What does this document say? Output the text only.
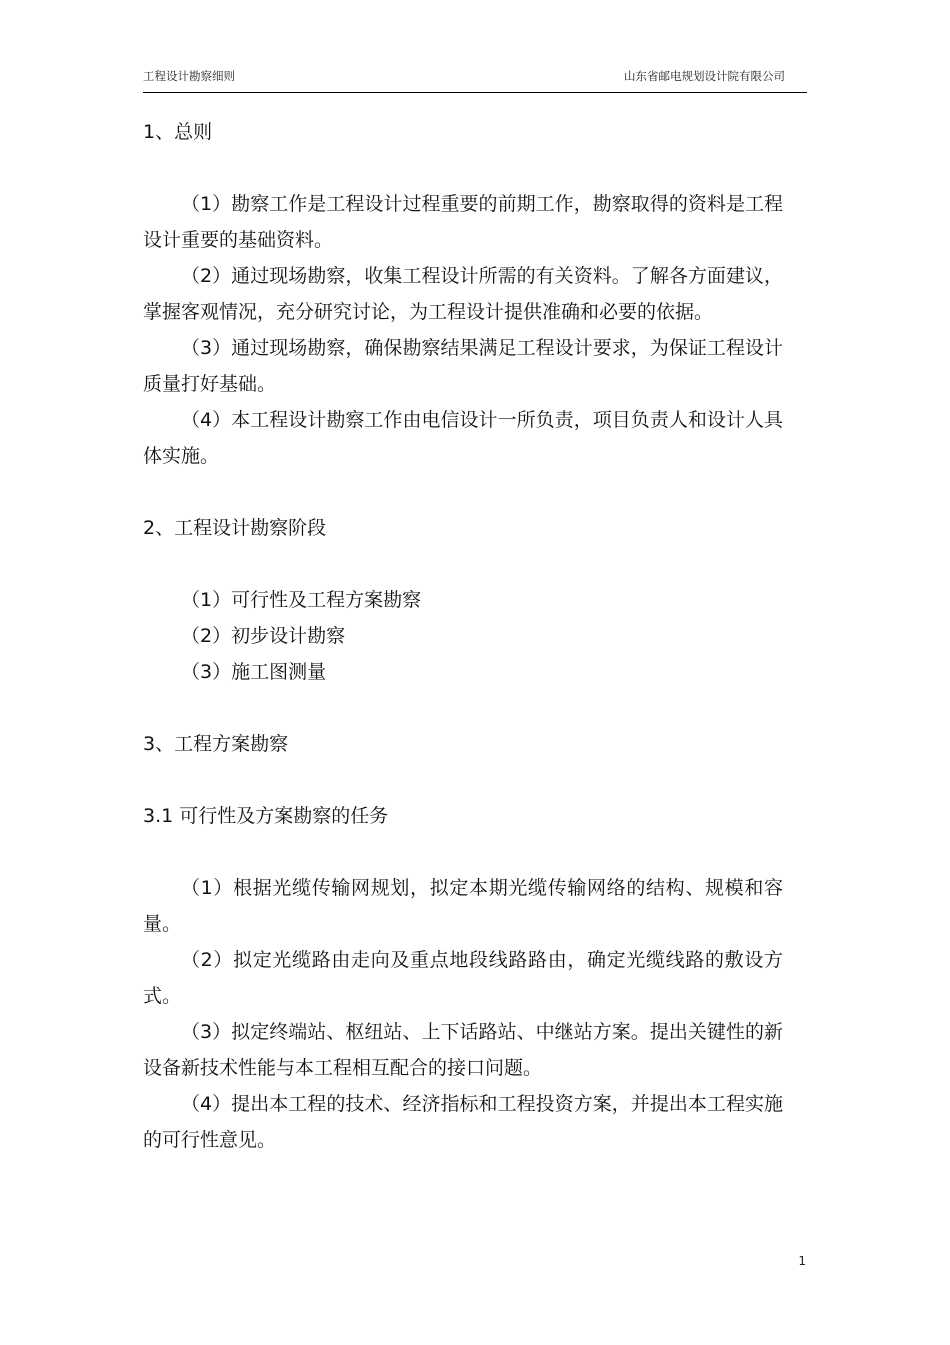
工程设计勘察细则	山东省邮电规划设计院有限公司

1、总则

（1）勘察工作是工程设计过程重要的前期工作，勘察取得的资料是工程设计重要的基础资料。

（2）通过现场勘察，收集工程设计所需的有关资料。了解各方面建议，掌握客观情况，充分研究讨论，为工程设计提供准确和必要的依据。

（3）通过现场勘察，确保勘察结果满足工程设计要求，为保证工程设计质量打好基础。

（4）本工程设计勘察工作由电信设计一所负责，项目负责人和设计人具体实施。

2、工程设计勘察阶段

（1）可行性及工程方案勘察

（2）初步设计勘察

（3）施工图测量

3、工程方案勘察

3.1 可行性及方案勘察的任务

（1）根据光缆传输网规划，拟定本期光缆传输网络的结构、规模和容量。

（2）拟定光缆路由走向及重点地段线路路由，确定光缆线路的敷设方式。

（3）拟定终端站、枢纽站、上下话路站、中继站方案。提出关键性的新设备新技术性能与本工程相互配合的接口问题。

（4）提出本工程的技术、经济指标和工程投资方案，并提出本工程实施的可行性意见。

1
